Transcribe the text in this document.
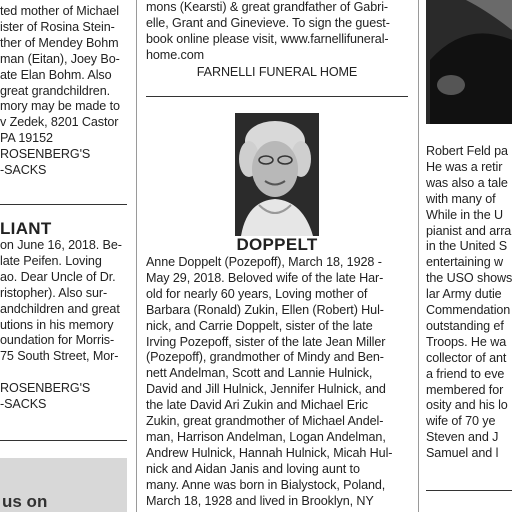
ted mother of Michael
ister of Rosina Stein-
ther of Mendey Bohm
man (Eitan), Joey Bo-
ate Elan Bohm. Also
great grandchildren.
mory may be made to
v Zedek, 8201 Castor
PA 19152
ROSENBERG'S
-SACKS
LIANT
on June 16, 2018. Be-
late Peifen. Loving
ao. Dear Uncle of Dr.
ristopher). Also sur-
andchildren and great
utions in his memory
oundation for Morris-
75 South Street, Mor-
ROSENBERG'S
-SACKS
us on
mons (Kearsti) & great grandfather of Gabri-
elle, Grant and Ginevieve. To sign the guest-
book online please visit, www.farnellifuneral-
home.com
FARNELLI FUNERAL HOME
DOPPELT
Anne Doppelt (Pozepoff), March 18, 1928 -
May 29, 2018. Beloved wife of the late Har-
old for nearly 60 years, Loving mother of
Barbara (Ronald) Zukin, Ellen (Robert) Hul-
nick, and Carrie Doppelt, sister of the late
Irving Pozepoff, sister of the late Jean Miller
(Pozepoff), grandmother of Mindy and Ben-
nett Andelman, Scott and Lannie Hulnick,
David and Jill Hulnick, Jennifer Hulnick, and
the late David Ari Zukin and Michael Eric
Zukin, great grandmother of Michael Andel-
man, Harrison Andelman, Logan Andelman,
Andrew Hulnick, Hannah Hulnick, Micah Hul-
nick and Aidan Janis and loving aunt to
many. Anne was born in Bialystock, Poland,
March 18, 1928 and lived in Brooklyn, NY
Robert Feld pa
He was a retir
was also a tale
with many of
While in the U
pianist and arra
in the United S
entertaining w
the USO shows
lar Army dutie
Commendation
outstanding ef
Troops. He wa
collector of ant
a friend to eve
membered for
osity and his lo
wife of 70 ye
Steven and J
Samuel and l
